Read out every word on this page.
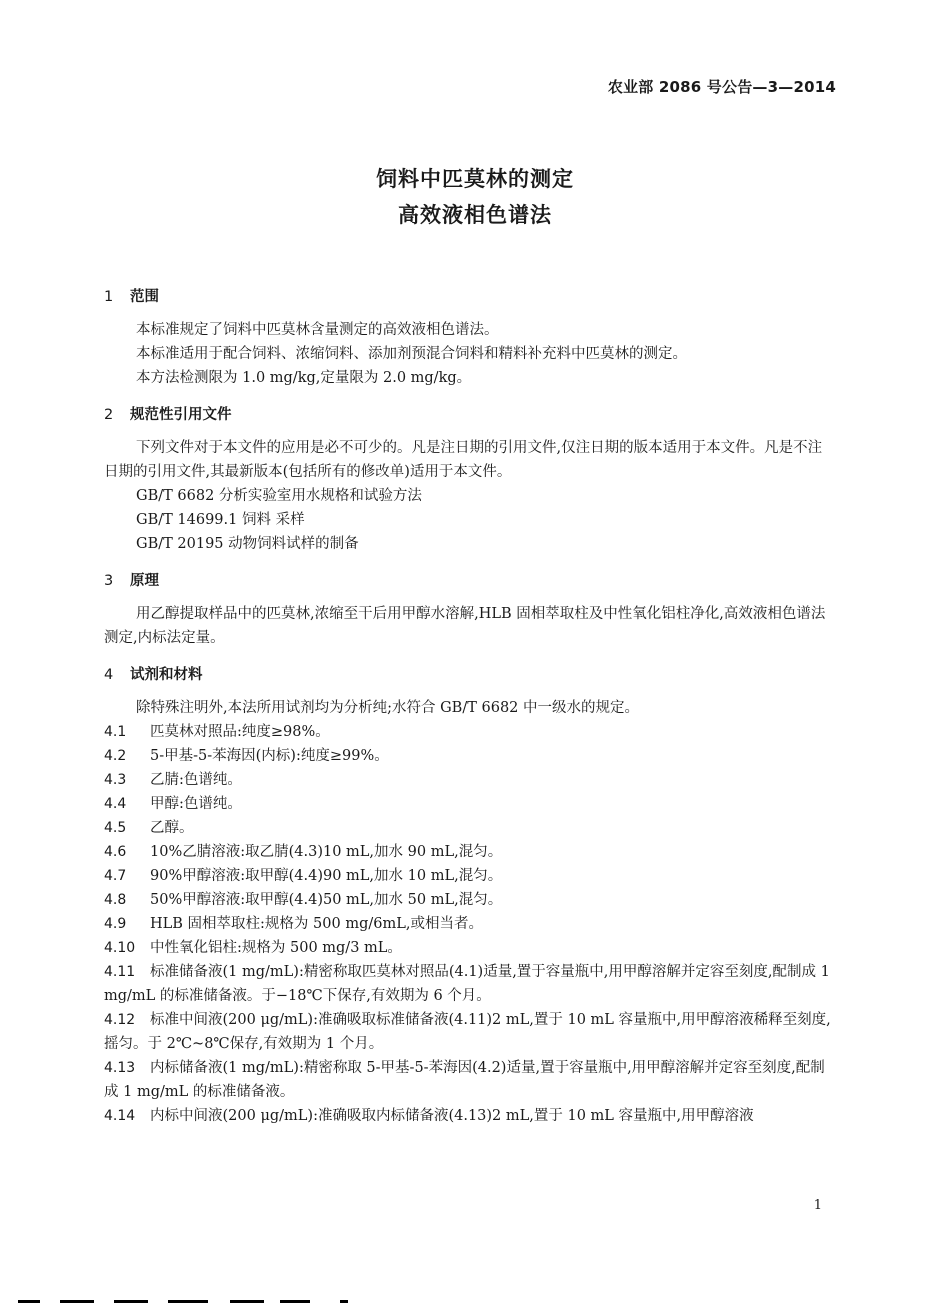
农业部 2086 号公告—3—2014
饲料中匹莫林的测定
高效液相色谱法
1 范围
本标准规定了饲料中匹莫林含量测定的高效液相色谱法。
本标准适用于配合饲料、浓缩饲料、添加剂预混合饲料和精料补充料中匹莫林的测定。
本方法检测限为 1.0 mg/kg,定量限为 2.0 mg/kg。
2 规范性引用文件
下列文件对于本文件的应用是必不可少的。凡是注日期的引用文件,仅注日期的版本适用于本文件。凡是不注日期的引用文件,其最新版本(包括所有的修改单)适用于本文件。
GB/T 6682 分析实验室用水规格和试验方法
GB/T 14699.1 饲料 采样
GB/T 20195 动物饲料试样的制备
3 原理
用乙醇提取样品中的匹莫林,浓缩至干后用甲醇水溶解,HLB 固相萃取柱及中性氧化铝柱净化,高效液相色谱法测定,内标法定量。
4 试剂和材料
除特殊注明外,本法所用试剂均为分析纯;水符合 GB/T 6682 中一级水的规定。
4.1 匹莫林对照品:纯度≥98%。
4.2 5-甲基-5-苯海因(内标):纯度≥99%。
4.3 乙腈:色谱纯。
4.4 甲醇:色谱纯。
4.5 乙醇。
4.6 10%乙腈溶液:取乙腈(4.3)10 mL,加水 90 mL,混匀。
4.7 90%甲醇溶液:取甲醇(4.4)90 mL,加水 10 mL,混匀。
4.8 50%甲醇溶液:取甲醇(4.4)50 mL,加水 50 mL,混匀。
4.9 HLB 固相萃取柱:规格为 500 mg/6mL,或相当者。
4.10 中性氧化铝柱:规格为 500 mg/3 mL。
4.11 标准储备液(1 mg/mL):精密称取匹莫林对照品(4.1)适量,置于容量瓶中,用甲醇溶解并定容至刻度,配制成 1 mg/mL 的标准储备液。于−18℃下保存,有效期为 6 个月。
4.12 标准中间液(200 μg/mL):准确吸取标准储备液(4.11)2 mL,置于 10 mL 容量瓶中,用甲醇溶液稀释至刻度,摇匀。于 2℃~8℃保存,有效期为 1 个月。
4.13 内标储备液(1 mg/mL):精密称取 5-甲基-5-苯海因(4.2)适量,置于容量瓶中,用甲醇溶解并定容至刻度,配制成 1 mg/mL 的标准储备液。
4.14 内标中间液(200 μg/mL):准确吸取内标储备液(4.13)2 mL,置于 10 mL 容量瓶中,用甲醇溶液
1
